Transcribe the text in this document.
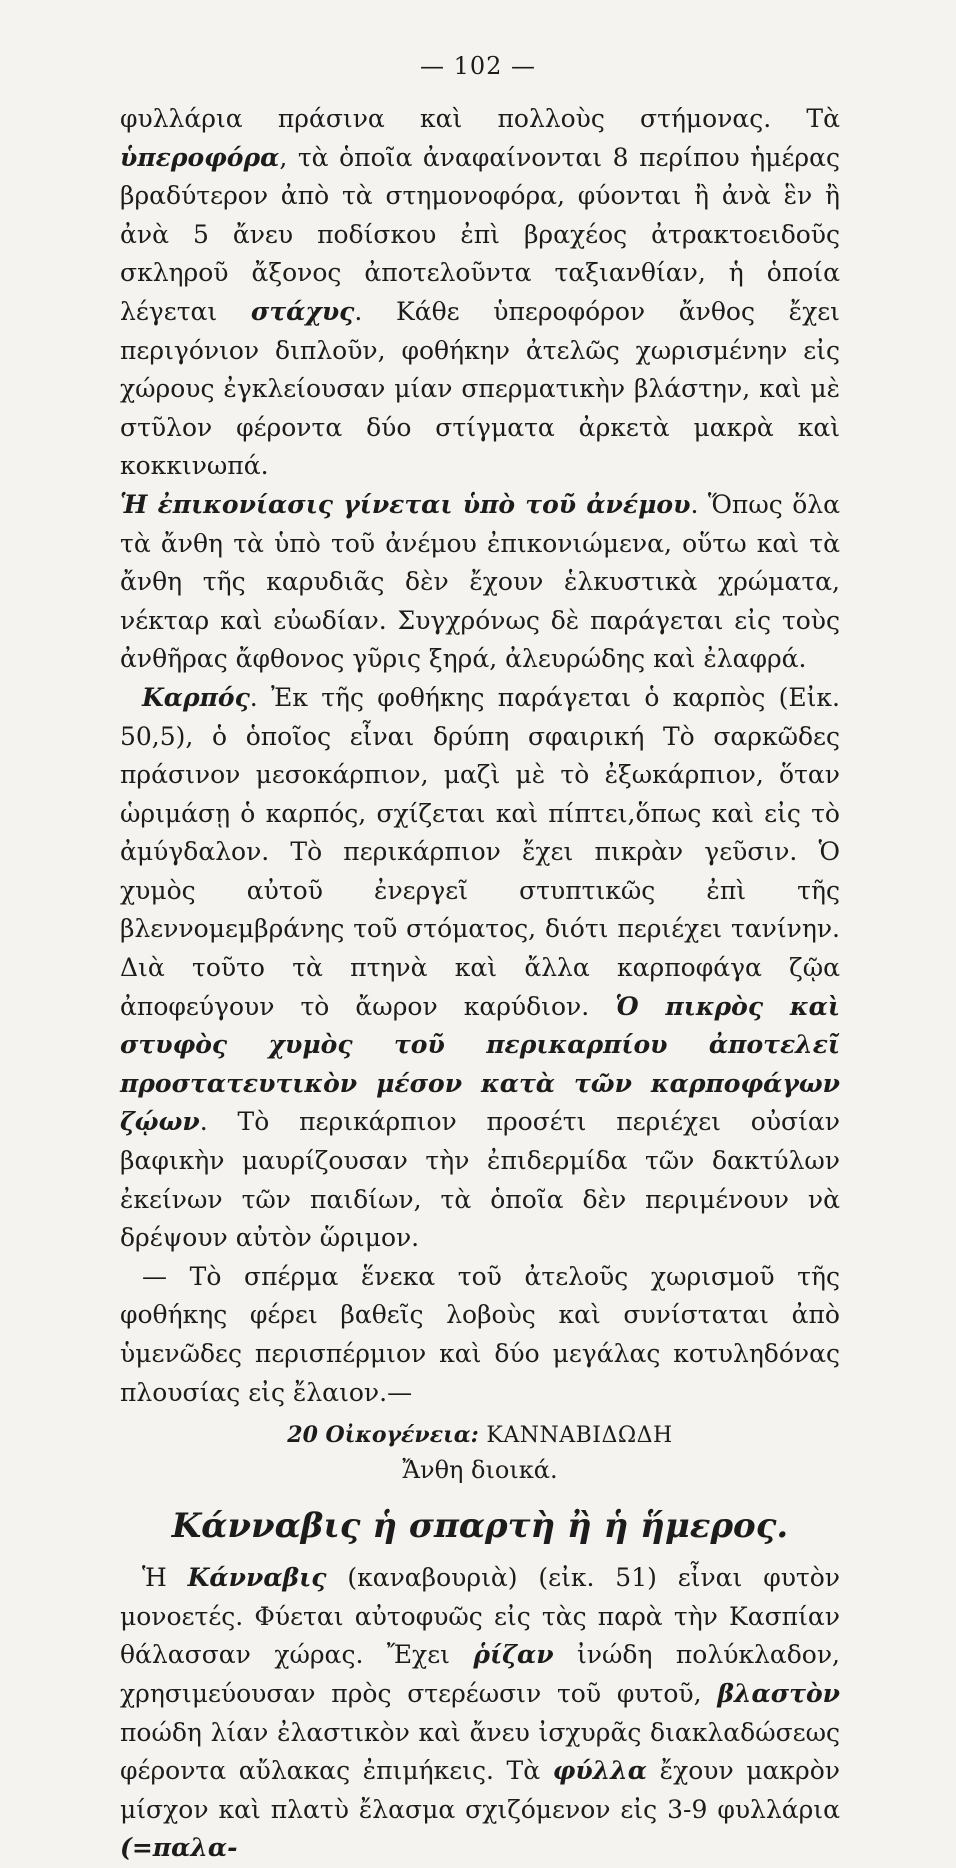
— 102 —

φυλλάρια πράσινα καὶ πολλοὺς στήμονας. Τὰ ὑπεροφόρα, τὰ ὁποῖα ἀναφαίνονται 8 περίπου ἡμέρας βραδύτερον ἀπὸ τὰ στημονοφόρα, φύονται ἢ ἀνὰ ἓν ἢ ἀνὰ 5 ἄνευ ποδίσκου ἐπὶ βραχέος ἀτρακτοειδοῦς σκληροῦ ἄξονος ἀποτελοῦντα ταξιανθίαν, ἡ ὁποία λέγεται στάχυς. Κάθε ὑπεροφόρον ἄνθος ἔχει περιγόνιον διπλοῦν, φοθήκην ἀτελῶς χωρισμένην εἰς χώρους ἐγκλείουσαν μίαν σπερματικὴν βλάστην, καὶ μὲ στῦλον φέροντα δύο στίγματα ἀρκετὰ μακρὰ καὶ κοκκινωπά.

Ἡ ἐπικονίασις γίνεται ὑπὸ τοῦ ἀνέμου. Ὅπως ὅλα τὰ ἄνθη τὰ ὑπὸ τοῦ ἀνέμου ἐπικονιώμενα, οὕτω καὶ τὰ ἄνθη τῆς καρυδιᾶς δὲν ἔχουν ἑλκυστικὰ χρώματα, νέκταρ καὶ εὐωδίαν. Συγχρόνως δὲ παράγεται εἰς τοὺς ἀνθῆρας ἄφθονος γῦρις ξηρά, ἀλευρώδης καὶ ἐλαφρά.

Καρπός. Ἐκ τῆς φοθήκης παράγεται ὁ καρπὸς (Εἰκ. 50,5), ὁ ὁποῖος εἶναι δρύπη σφαιρική Τὸ σαρκῶδες πράσινον μεσοκάρπιον, μαζὶ μὲ τὸ ἐξωκάρπιον, ὅταν ὡριμάσῃ ὁ καρπός, σχίζεται καὶ πίπτει,ὅπως καὶ εἰς τὸ ἀμύγδαλον. Τὸ περικάρπιον ἔχει πικρὰν γεῦσιν. Ὁ χυμὸς αὐτοῦ ἐνεργεῖ στυπτικῶς ἐπὶ τῆς βλεννομεμβράνης τοῦ στόματος, διότι περιέχει τανίνην. Διὰ τοῦτο τὰ πτηνὰ καὶ ἄλλα καρποφάγα ζῷα ἀποφεύγουν τὸ ἄωρον καρύδιον. Ὁ πικρὸς καὶ στυφὸς χυμὸς τοῦ περικαρπίου ἀποτελεῖ προστατευτικὸν μέσον κατὰ τῶν καρποφάγων ζῴων. Τὸ περικάρπιον προσέτι περιέχει οὐσίαν βαφικὴν μαυρίζουσαν τὴν ἐπιδερμίδα τῶν δακτύλων ἐκείνων τῶν παιδίων, τὰ ὁποῖα δὲν περιμένουν νὰ δρέψουν αὐτὸν ὥριμον.

— Τὸ σπέρμα ἕνεκα τοῦ ἀτελοῦς χωρισμοῦ τῆς φοθήκης φέρει βαθεῖς λοβοὺς καὶ συνίσταται ἀπὸ ὑμενῶδες περισπέρμιον καὶ δύο μεγάλας κοτυληδόνας πλουσίας εἰς ἔλαιον.—

20 Οἰκογένεια: ΚΑΝΝΑΒΙΔΩΔΗ
Ἄνθη διοικά.
Κάνναβις ἡ σπαρτὴ ἢ ἡ ἥμερος.

Ἡ Κάνναβις (καναβουριὰ) (εἰκ. 51) εἶναι φυτὸν μονοετές. Φύεται αὐτοφυῶς εἰς τὰς παρὰ τὴν Κασπίαν θάλασσαν χώρας. Ἔχει ῥίζαν ἰνώδη πολύκλαδον, χρησιμεύουσαν πρὸς στερέωσιν τοῦ φυτοῦ, βλαστὸν ποώδη λίαν ἐλαστικὸν καὶ ἄνευ ἰσχυρᾶς διακλαδώσεως φέροντα αὔλακας ἐπιμήκεις. Τὰ φύλλα ἔχουν μακρὸν μίσχον καὶ πλατὺ ἔλασμα σχιζόμενον εἰς 3-9 φυλλάρια (=παλα-
